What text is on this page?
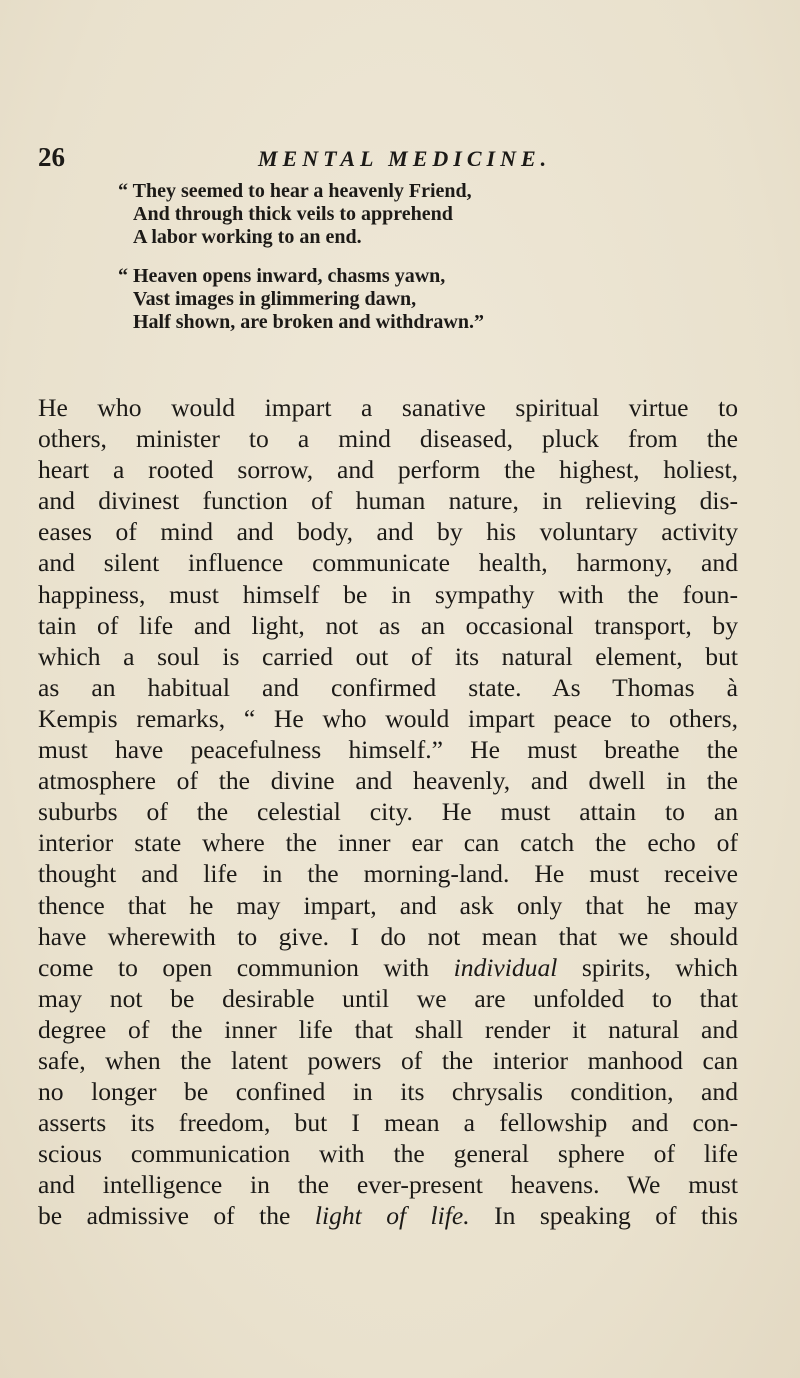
26	MENTAL MEDICINE.
“ They seemed to hear a heavenly Friend,
And through thick veils to apprehend
A labor working to an end.
“ Heaven opens inward, chasms yawn,
Vast images in glimmering dawn,
Half shown, are broken and withdrawn.”
He who would impart a sanative spiritual virtue to
others, minister to a mind diseased, pluck from the
heart a rooted sorrow, and perform the highest, holiest,
and divinest function of human nature, in relieving dis-
eases of mind and body, and by his voluntary activity
and silent influence communicate health, harmony, and
happiness, must himself be in sympathy with the foun-
tain of life and light, not as an occasional transport, by
which a soul is carried out of its natural element, but
as an habitual and confirmed state. As Thomas à
Kempis remarks, “ He who would impart peace to others,
must have peacefulness himself.” He must breathe the
atmosphere of the divine and heavenly, and dwell in the
suburbs of the celestial city. He must attain to an
interior state where the inner ear can catch the echo of
thought and life in the morning-land. He must receive
thence that he may impart, and ask only that he may
have wherewith to give. I do not mean that we should
come to open communion with individual spirits, which
may not be desirable until we are unfolded to that
degree of the inner life that shall render it natural and
safe, when the latent powers of the interior manhood can
no longer be confined in its chrysalis condition, and
asserts its freedom, but I mean a fellowship and con-
scious communication with the general sphere of life
and intelligence in the ever-present heavens. We must
be admissive of the light of life. In speaking of this
